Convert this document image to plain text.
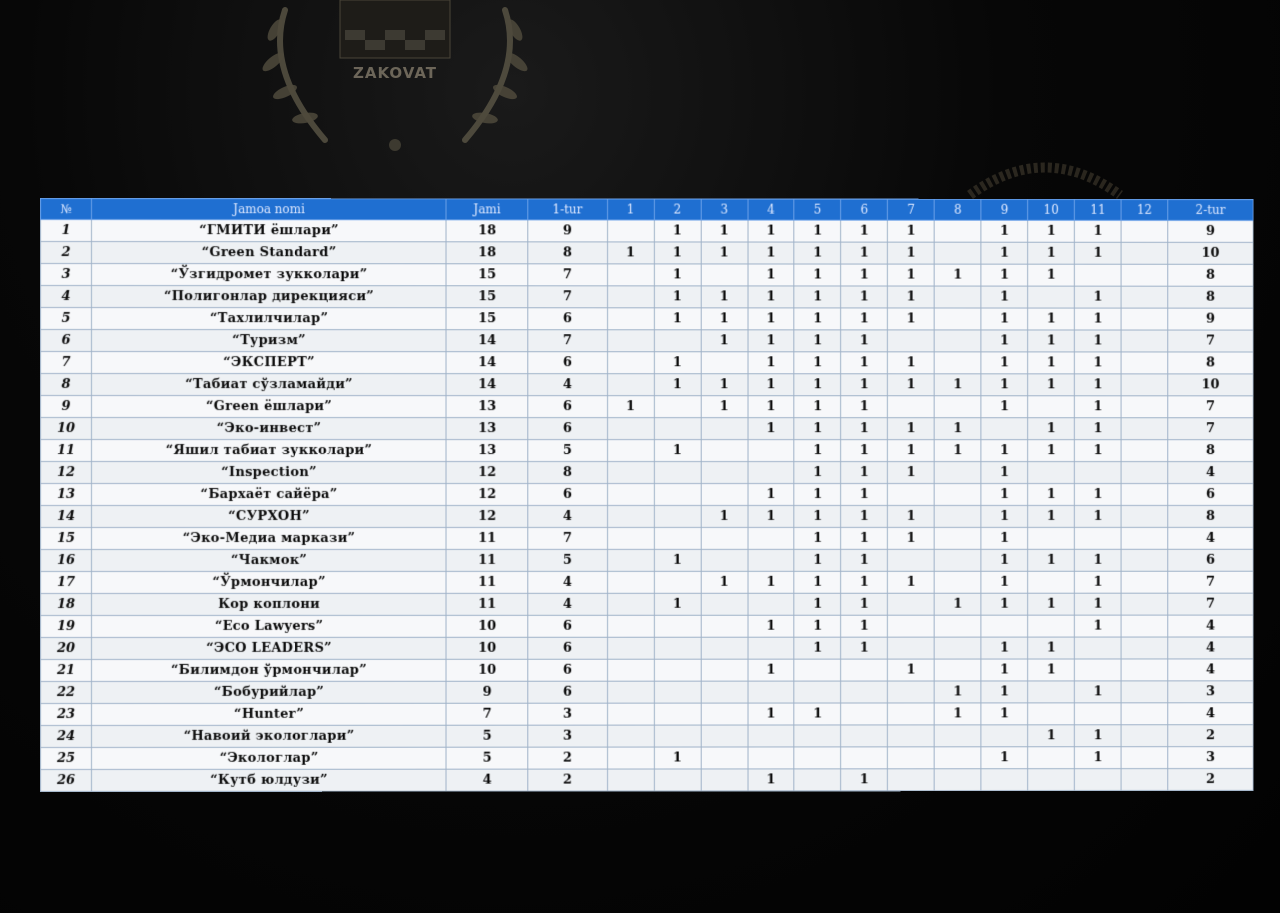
ZAKOVAT
№	Jamoa nomi	Jami	1-tur	1	2	3	4	5	6	7	8	9	10	11	12	2-tur
1	“ГМИТИ ёшлари”	18	9		1	1	1	1	1	1		1	1	1		9
2	“Green Standard”	18	8	1	1	1	1	1	1	1		1	1	1		10
3	“Ўзгидромет зукколари”	15	7		1		1	1	1	1	1	1	1			8
4	“Полигонлар дирекцияси”	15	7		1	1	1	1	1	1		1		1		8
5	“Тахлилчилар”	15	6		1	1	1	1	1	1		1	1	1		9
6	“Туризм”	14	7			1	1	1	1			1	1	1		7
7	“ЭКСПЕРТ”	14	6		1		1	1	1	1		1	1	1		8
8	“Табиат сўзламайди”	14	4		1	1	1	1	1	1	1	1	1	1		10
9	“Green ёшлари”	13	6	1		1	1	1	1			1		1		7
10	“Эко-инвест”	13	6				1	1	1	1	1		1	1		7
11	“Яшил табиат зукколари”	13	5		1			1	1	1	1	1	1	1		8
12	“Inspection”	12	8					1	1	1		1				4
13	“Бархаёт сайёра”	12	6				1	1	1			1	1	1		6
14	“СУРХОН”	12	4			1	1	1	1	1		1	1	1		8
15	“Эко-Медиа маркази”	11	7					1	1	1		1				4
16	“Чакмок”	11	5		1			1	1			1	1	1		6
17	“Ўрмончилар”	11	4			1	1	1	1	1		1		1		7
18	Кор коплони	11	4		1			1	1		1	1	1	1		7
19	“Eco Lawyers”	10	6				1	1	1					1		4
20	“ЭСО LEADERS”	10	6					1	1			1	1			4
21	“Билимдон ўрмончилар”	10	6				1			1		1	1			4
22	“Бобурийлар”	9	6								1	1		1		3
23	“Hunter”	7	3				1	1			1	1				4
24	“Навоий экологлари”	5	3										1	1		2
25	“Экологлар”	5	2		1							1		1		3
26	“Кутб юлдузи”	4	2				1		1							2
